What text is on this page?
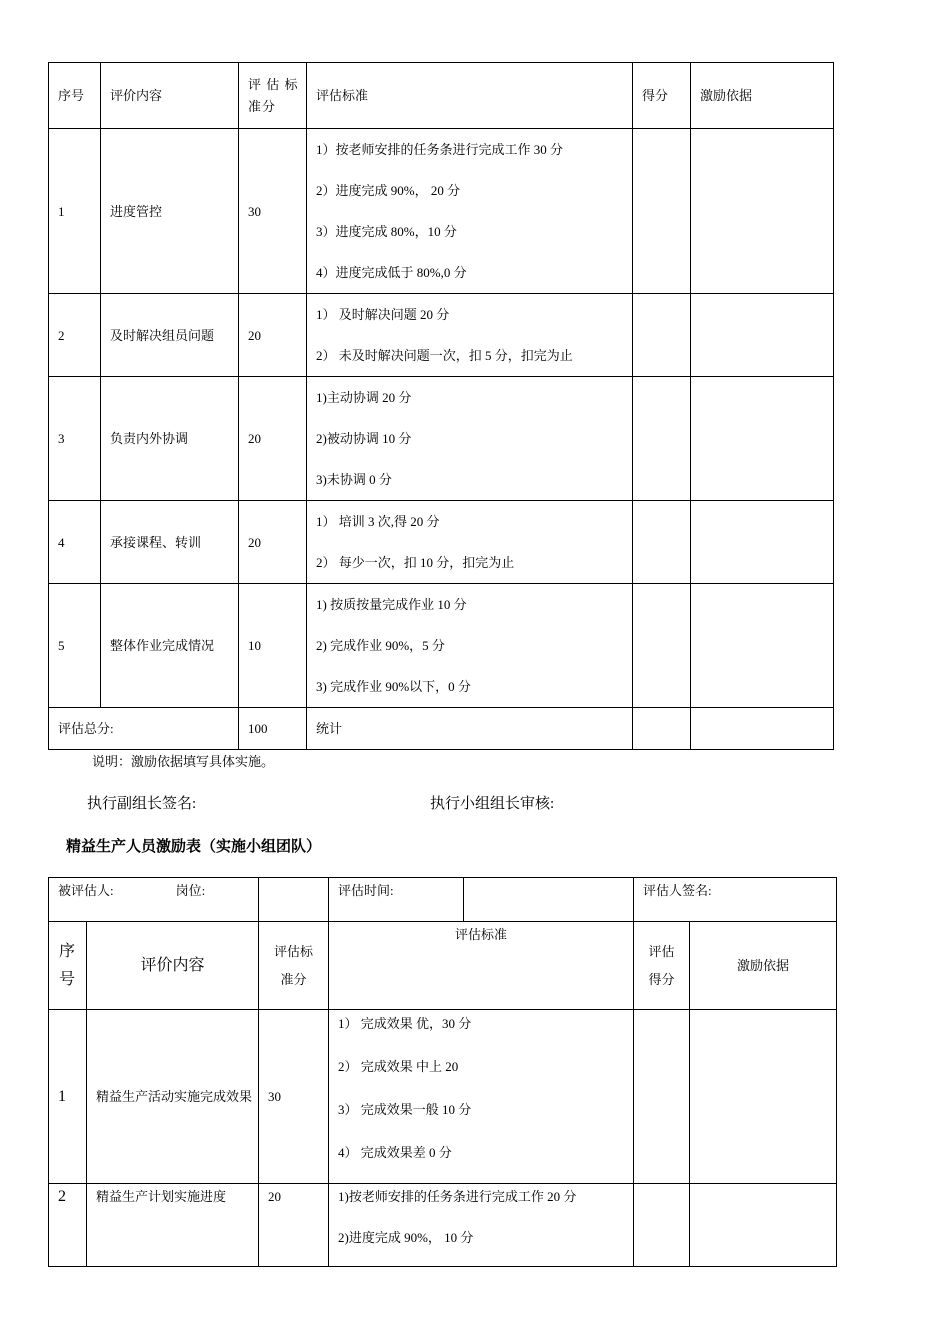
序号	评价内容	评 估 标准分	评估标准	得分	激励依据
1	进度管控	30	1）按老师安排的任务条进行完成工作 30 分
2）进度完成 90%， 20 分
3）进度完成 80%，10 分
4）进度完成低于 80%,0 分		

2	及时解决组员问题	20	1） 及时解决问题 20 分
2） 未及时解决问题一次，扣 5 分，扣完为止		

3	负责内外协调	20	1)主动协调 20 分
2)被动协调 10 分
3)未协调 0 分		

4	承接课程、转训	20	1） 培训 3 次,得 20 分
2） 每少一次，扣 10 分，扣完为止		

5	整体作业完成情况	10	1) 按质按量完成作业 10 分
2) 完成作业 90%，5 分
3) 完成作业 90%以下，0 分		

评估总分:		100	统计		
说明：激励依据填写具体实施。
执行副组长签名:	执行小组组长审核:
精益生产人员激励表（实施小组团队）
被评估人: 岗位:			评估时间:		评估人签名:	

序号	评价内容	评估标准分	评估标准		评估得分	激励依据
1	精益生产活动实施完成效果	30	1） 完成效果 优，30 分
2） 完成效果 中上 20
3） 完成效果一般 10 分
4） 完成效果差 0 分			

2	精益生产计划实施进度	20	1)按老师安排的任务条进行完成工作 20 分
2)进度完成 90%， 10 分			
